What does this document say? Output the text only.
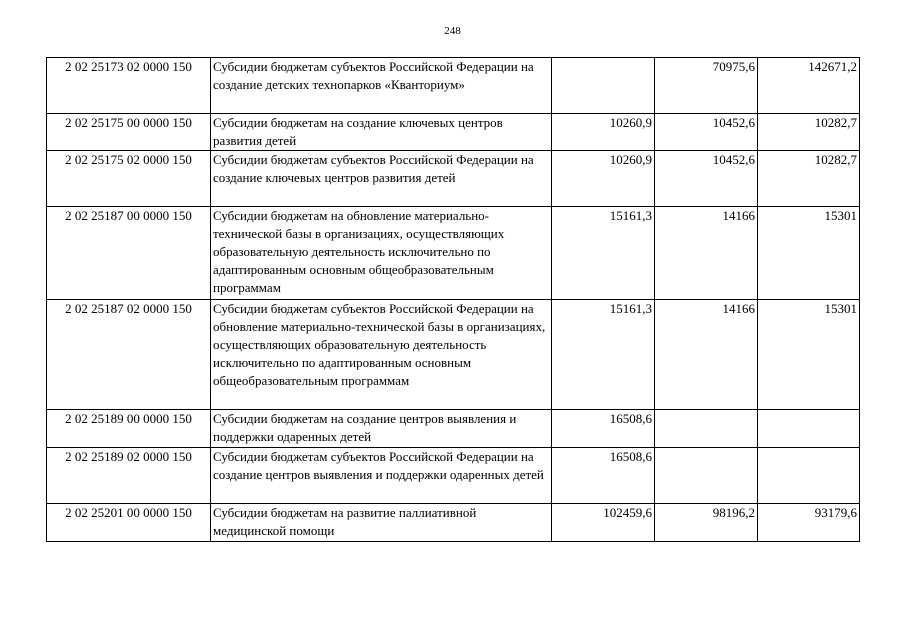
248
2 02 25173 02 0000 150	Субсидии бюджетам субъектов Российской Федерации на создание детских технопарков «Кванториум»		70975,6	142671,2
2 02 25175 00 0000 150	Субсидии бюджетам на создание ключевых центров развития детей	10260,9	10452,6	10282,7
2 02 25175 02 0000 150	Субсидии бюджетам субъектов Российской Федерации на создание ключевых центров развития детей	10260,9	10452,6	10282,7
2 02 25187 00 0000 150	Субсидии бюджетам на обновление материально-технической базы в организациях, осуществляющих образовательную деятельность исключительно по адаптированным основным общеобразовательным программам	15161,3	14166	15301
2 02 25187 02 0000 150	Субсидии бюджетам субъектов Российской Федерации на обновление материально-технической базы в организациях, осуществляющих образовательную деятельность исключительно по адаптированным основным общеобразовательным программам	15161,3	14166	15301
2 02 25189 00 0000 150	Субсидии бюджетам на создание центров выявления и поддержки одаренных детей	16508,6		
2 02 25189 02 0000 150	Субсидии бюджетам субъектов Российской Федерации на создание центров выявления и поддержки одаренных детей	16508,6		
2 02 25201 00 0000 150	Субсидии бюджетам на развитие паллиативной медицинской помощи	102459,6	98196,2	93179,6
